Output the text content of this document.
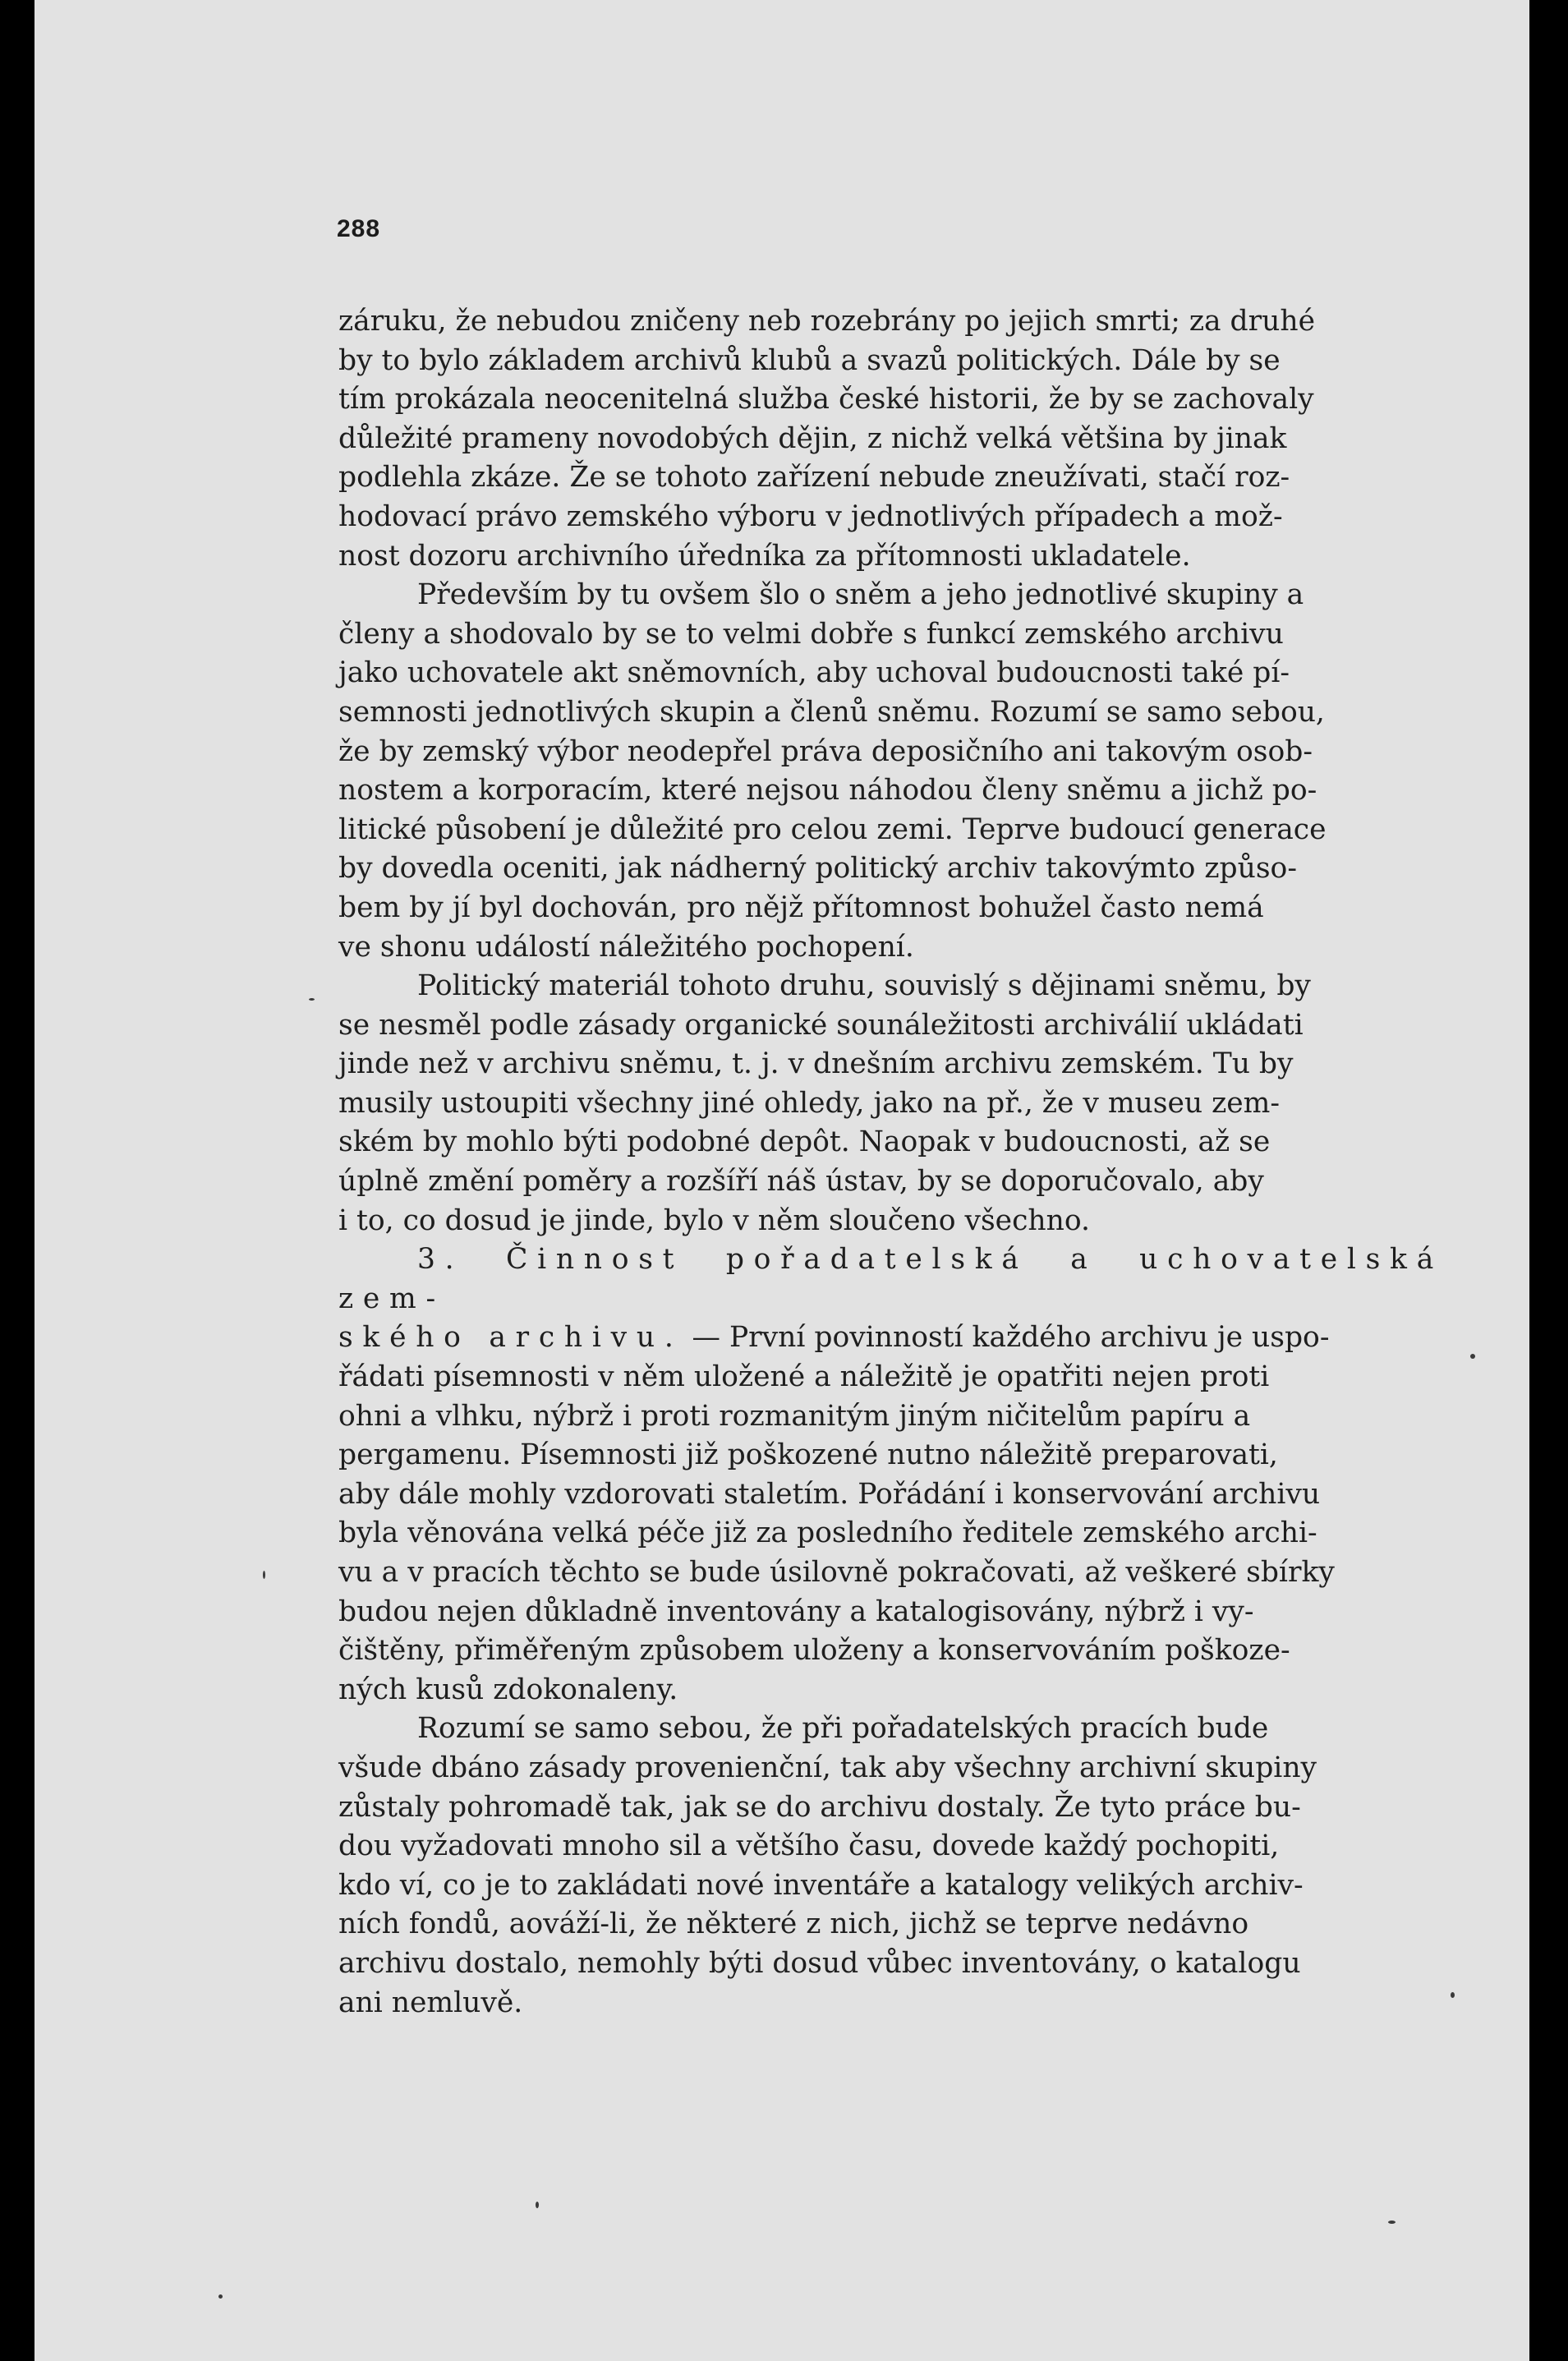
288

záruku, že nebudou zničeny neb rozebrány po jejich smrti; za druhé
by to bylo základem archivů klubů a svazů politických. Dále by se
tím prokázala neocenitelná služba české historii, že by se zachovaly
důležité prameny novodobých dějin, z nichž velká většina by jinak
podlehla zkáze. Že se tohoto zařízení nebude zneužívati, stačí roz-
hodovací právo zemského výboru v jednotlivých případech a mož-
nost dozoru archivního úředníka za přítomnosti ukladatele.

Především by tu ovšem šlo o sněm a jeho jednotlivé skupiny a
členy a shodovalo by se to velmi dobře s funkcí zemského archivu
jako uchovatele akt sněmovních, aby uchoval budoucnosti také pí-
semnosti jednotlivých skupin a členů sněmu. Rozumí se samo sebou,
že by zemský výbor neodepřel práva deposičního ani takovým osob-
nostem a korporacím, které nejsou náhodou členy sněmu a jichž po-
litické působení je důležité pro celou zemi. Teprve budoucí generace
by dovedla oceniti, jak nádherný politický archiv takovýmto způso-
bem by jí byl dochován, pro nějž přítomnost bohužel často nemá
ve shonu událostí náležitého pochopení.

Politický materiál tohoto druhu, souvislý s dějinami sněmu, by
se nesměl podle zásady organické sounáležitosti archiválií ukládati
jinde než v archivu sněmu, t. j. v dnešním archivu zemském. Tu by
musily ustoupiti všechny jiné ohledy, jako na př., že v museu zem-
ském by mohlo býti podobné depôt. Naopak v budoucnosti, až se
úplně změní poměry a rozšíří náš ústav, by se doporučovalo, aby
i to, co dosud je jinde, bylo v něm sloučeno všechno.

3. Činnost pořadatelská a uchovatelská zem-
ského archivu. — První povinností každého archivu je uspo-
řádati písemnosti v něm uložené a náležitě je opatřiti nejen proti
ohni a vlhku, nýbrž i proti rozmanitým jiným ničitelům papíru a
pergamenu. Písemnosti již poškozené nutno náležitě preparovati,
aby dále mohly vzdorovati staletím. Pořádání i konservování archivu
byla věnována velká péče již za posledního ředitele zemského archi-
vu a v pracích těchto se bude úsilovně pokračovati, až veškeré sbírky
budou nejen důkladně inventovány a katalogisovány, nýbrž i vy-
čištěny, přiměřeným způsobem uloženy a konservováním poškoze-
ných kusů zdokonaleny.

Rozumí se samo sebou, že při pořadatelských pracích bude
všude dbáno zásady provenienční, tak aby všechny archivní skupiny
zůstaly pohromadě tak, jak se do archivu dostaly. Že tyto práce bu-
dou vyžadovati mnoho sil a většího času, dovede každý pochopiti,
kdo ví, co je to zakládati nové inventáře a katalogy velikých archiv-
ních fondů, aováží-li, že některé z nich, jichž se teprve nedávno
archivu dostalo, nemohly býti dosud vůbec inventovány, o katalogu
ani nemluvě.
